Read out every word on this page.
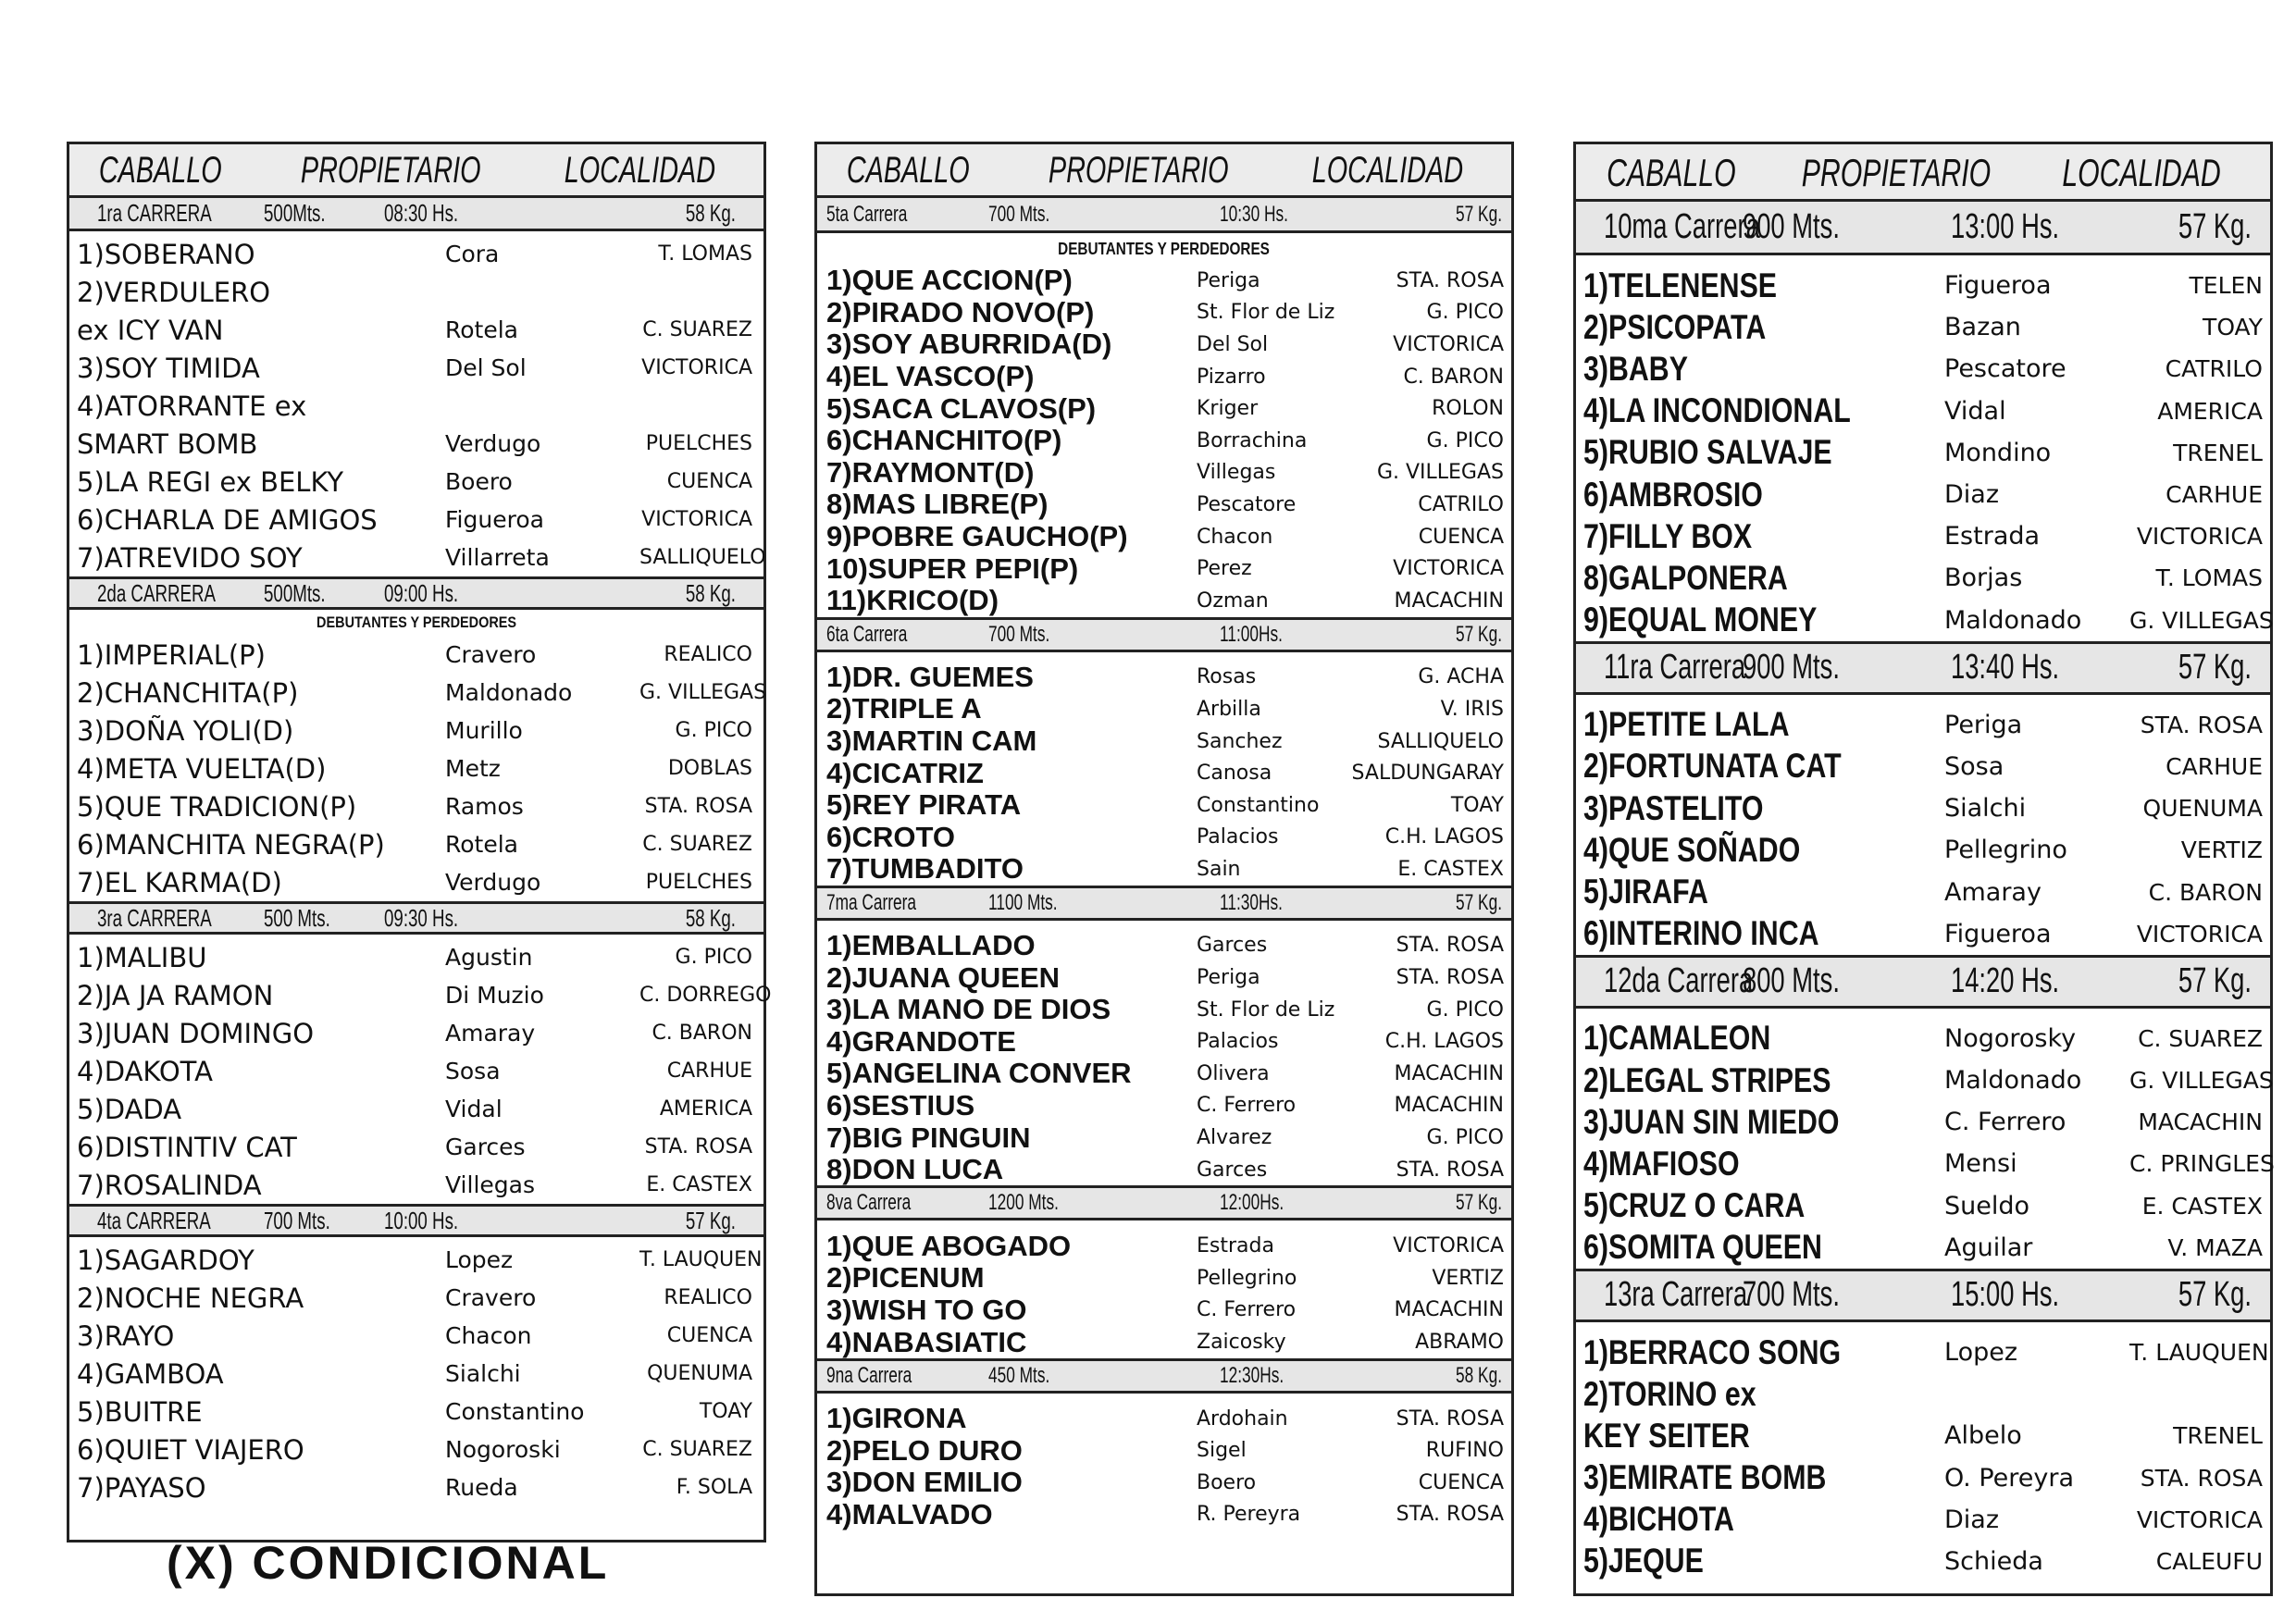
CABALLO PROPIETARIO LOCALIDAD
1ra CARRERA 500Mts.	08:30 Hs.	58 Kg.
1)SOBERANO	Cora	T. LOMAS
2)VERDULERO
ex ICY VAN	Rotela	C. SUAREZ
3)SOY TIMIDA	Del Sol	VICTORICA
4)ATORRANTE ex
SMART BOMB	Verdugo	PUELCHES
5)LA REGI ex BELKY	Boero	CUENCA
6)CHARLA DE AMIGOS	Figueroa	VICTORICA
7)ATREVIDO SOY	Villarreta	SALLIQUELO
2da CARRERA 500Mts.	09:00 Hs.	58 Kg.
DEBUTANTES Y PERDEDORES
1)IMPERIAL(P)	Cravero	REALICO
2)CHANCHITA(P)	Maldonado	G. VILLEGAS
3)DOÑA YOLI(D)	Murillo	G. PICO
4)META VUELTA(D)	Metz	DOBLAS
5)QUE TRADICION(P)	Ramos	STA. ROSA
6)MANCHITA NEGRA(P)	Rotela	C. SUAREZ
7)EL KARMA(D)	Verdugo	PUELCHES
3ra CARRERA 500 Mts.	09:30 Hs.	58 Kg.
1)MALIBU	Agustin	G. PICO
2)JA JA RAMON	Di Muzio	C. DORREGO
3)JUAN DOMINGO	Amaray	C. BARON
4)DAKOTA	Sosa	CARHUE
5)DADA	Vidal	AMERICA
6)DISTINTIV CAT	Garces	STA. ROSA
7)ROSALINDA	Villegas	E. CASTEX
4ta CARRERA 700 Mts.	10:00 Hs.	57 Kg.
1)SAGARDOY	Lopez	T. LAUQUEN
2)NOCHE NEGRA	Cravero	REALICO
3)RAYO	Chacon	CUENCA
4)GAMBOA	Sialchi	QUENUMA
5)BUITRE	Constantino	TOAY
6)QUIET VIAJERO	Nogoroski	C. SUAREZ
7)PAYASO	Rueda	F. SOLA
CABALLO PROPIETARIO LOCALIDAD
5ta Carrera	700 Mts.	10:30 Hs.	57 Kg.
DEBUTANTES Y PERDEDORES
1)QUE ACCION(P)	Periga	STA. ROSA
2)PIRADO NOVO(P)	St. Flor de Liz	G. PICO
3)SOY ABURRIDA(D)	Del Sol	VICTORICA
4)EL VASCO(P)	Pizarro	C. BARON
5)SACA CLAVOS(P)	Kriger	ROLON
6)CHANCHITO(P)	Borrachina	G. PICO
7)RAYMONT(D)	Villegas	G. VILLEGAS
8)MAS LIBRE(P)	Pescatore	CATRILO
9)POBRE GAUCHO(P)	Chacon	CUENCA
10)SUPER PEPI(P)	Perez	VICTORICA
11)KRICO(D)	Ozman	MACACHIN
6ta Carrera	700 Mts.	11:00Hs.	57 Kg.
1)DR. GUEMES	Rosas	G. ACHA
2)TRIPLE A	Arbilla	V. IRIS
3)MARTIN CAM	Sanchez	SALLIQUELO
4)CICATRIZ	Canosa	SALDUNGARAY
5)REY PIRATA	Constantino	TOAY
6)CROTO	Palacios	C.H. LAGOS
7)TUMBADITO	Sain	E. CASTEX
7ma Carrera	1100 Mts.	11:30Hs.	57 Kg.
1)EMBALLADO	Garces	STA. ROSA
2)JUANA QUEEN	Periga	STA. ROSA
3)LA MANO DE DIOS	St. Flor de Liz	G. PICO
4)GRANDOTE	Palacios	C.H. LAGOS
5)ANGELINA CONVER	Olivera	MACACHIN
6)SESTIUS	C. Ferrero	MACACHIN
7)BIG PINGUIN	Alvarez	G. PICO
8)DON LUCA	Garces	STA. ROSA
8va Carrera	1200 Mts.	12:00Hs.	57 Kg.
1)QUE ABOGADO	Estrada	VICTORICA
2)PICENUM	Pellegrino	VERTIZ
3)WISH TO GO	C. Ferrero	MACACHIN
4)NABASIATIC	Zaicosky	ABRAMO
9na Carrera	450 Mts.	12:30Hs.	58 Kg.
1)GIRONA	Ardohain	STA. ROSA
2)PELO DURO	Sigel	RUFINO
3)DON EMILIO	Boero	CUENCA
4)MALVADO	R. Pereyra	STA. ROSA
CABALLO PROPIETARIO LOCALIDAD
10ma Carrera
900 Mts.	13:00 Hs.	57 Kg.
1)TELENENSE	Figueroa	TELEN
2)PSICOPATA	Bazan	TOAY
3)BABY	Pescatore	CATRILO
4)LA INCONDIONAL	Vidal	AMERICA
5)RUBIO SALVAJE	Mondino	TRENEL
6)AMBROSIO	Diaz	CARHUE
7)FILLY BOX	Estrada	VICTORICA
8)GALPONERA	Borjas	T. LOMAS
9)EQUAL MONEY	Maldonado	G. VILLEGAS
11ra Carrera
900 Mts.	13:40 Hs.	57 Kg.
1)PETITE LALA	Periga	STA. ROSA
2)FORTUNATA CAT	Sosa	CARHUE
3)PASTELITO	Sialchi	QUENUMA
4)QUE SOÑADO	Pellegrino	VERTIZ
5)JIRAFA	Amaray	C. BARON
6)INTERINO INCA	Figueroa	VICTORICA
12da Carrera
800 Mts.	14:20 Hs.	57 Kg.
1)CAMALEON	Nogorosky	C. SUAREZ
2)LEGAL STRIPES	Maldonado	G. VILLEGAS
3)JUAN SIN MIEDO	C. Ferrero	MACACHIN
4)MAFIOSO	Mensi	C. PRINGLES
5)CRUZ O CARA	Sueldo	E. CASTEX
6)SOMITA QUEEN	Aguilar	V. MAZA
13ra Carrera
700 Mts.	15:00 Hs.	57 Kg.
1)BERRACO SONG	Lopez	T. LAUQUEN
2)TORINO ex
KEY SEITER	Albelo	TRENEL
3)EMIRATE BOMB	O. Pereyra	STA. ROSA
4)BICHOTA	Diaz	VICTORICA
5)JEQUE	Schieda	CALEUFU
(X) CONDICIONAL
